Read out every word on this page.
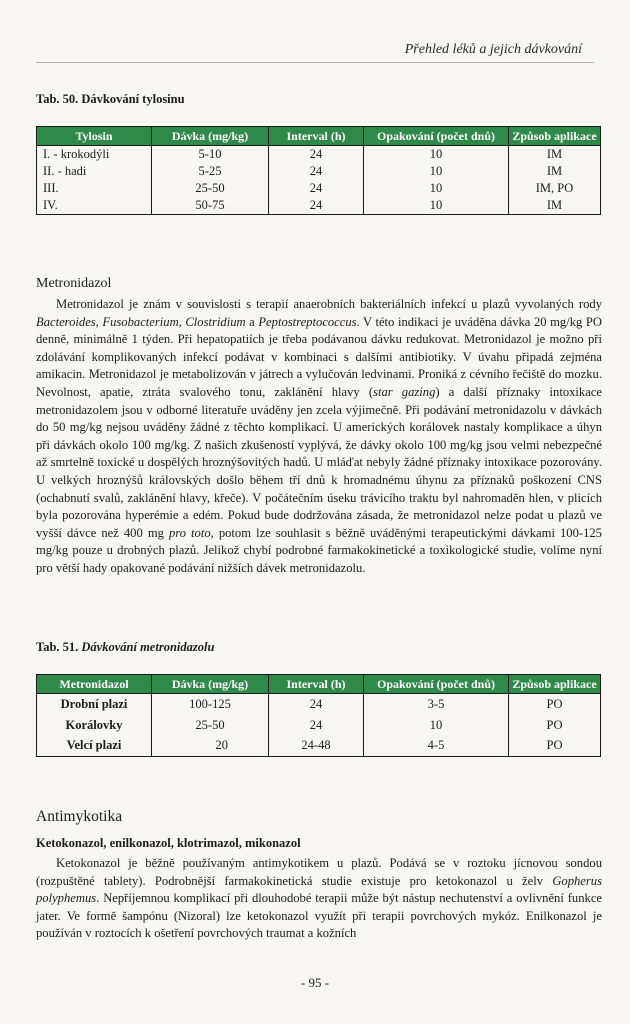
Přehled léků a jejich dávkování
Tab. 50. Dávkování tylosinu
Tylosin	Dávka (mg/kg)	Interval (h)	Opakování (počet dnů)	Způsob aplikace
I. - krokodýli	5-10	24	10	IM
II. - hadi	5-25	24	10	IM
III.	25-50	24	10	IM, PO
IV.	50-75	24	10	IM
Metronidazol

Metronidazol je znám v souvislosti s terapií anaerobních bakteriálních infekcí u plazů vyvolaných rody Bacteroides, Fusobacterium, Clostridium a Peptostreptococcus. V této indikaci je uváděna dávka 20 mg/kg PO denně, minimálně 1 týden. Při hepatopatiích je třeba podávanou dávku redukovat. Metronidazol je možno při zdolávání komplikovaných infekcí podávat v kombinaci s dalšími antibiotiky. V úvahu připadá zejména amikacin. Metronidazol je metabolizován v játrech a vylučován ledvinami. Proniká z cévního řečiště do mozku. Nevolnost, apatie, ztráta svalového tonu, zaklánění hlavy (star gazing) a další příznaky intoxikace metronidazolem jsou v odborné literatuře uváděny jen zcela výjimečně. Při podávání metronidazolu v dávkách do 50 mg/kg nejsou uváděny žádné z těchto komplikací. U amerických korálovek nastaly komplikace a úhyn při dávkách okolo 100 mg/kg. Z našich zkušeností vyplývá, že dávky okolo 100 mg/kg jsou velmi nebezpečné až smrtelně toxické u dospělých hroznýšovitých hadů. U mláďat nebyly žádné příznaky intoxikace pozorovány. U velkých hroznýšů královských došlo během tří dnů k hromadnému úhynu za příznaků poškození CNS (ochabnutí svalů, zaklánění hlavy, křeče). V počátečním úseku trávicího traktu byl nahromaděn hlen, v plicích byla pozorována hyperémie a edém. Pokud bude dodržována zásada, že metronidazol nelze podat u plazů ve vyšší dávce než 400 mg pro toto, potom lze souhlasit s běžně uváděnými terapeutickými dávkami 100-125 mg/kg pouze u drobných plazů. Jelikož chybí podrobné farmakokinetické a toxikologické studie, volíme nyní pro větší hady opakované podávání nižších dávek metronidazolu.

Tab. 51. Dávkování metronidazolu
Metronidazol	Dávka (mg/kg)	Interval (h)	Opakování (počet dnů)	Způsob aplikace
Drobní plazi	100-125	24	3-5	PO
Korálovky	25-50	24	10	PO
Velcí plazi	20	24-48	4-5	PO
Antimykotika
Ketokonazol, enilkonazol, klotrimazol, mikonazol

Ketokonazol je běžně používaným antimykotikem u plazů. Podává se v roztoku jícnovou sondou (rozpuštěné tablety). Podrobnější farmakokinetická studie existuje pro ketokonazol u želv Gopherus polyphemus. Nepříjemnou komplikací při dlouhodobé terapii může být nástup nechutenství a ovlivnění funkce jater. Ve formě šampónu (Nizoral) lze ketokonazol využít při terapii povrchových mykóz. Enilkonazol je používán v roztocích k ošetření povrchových traumat a kožních

- 95 -
